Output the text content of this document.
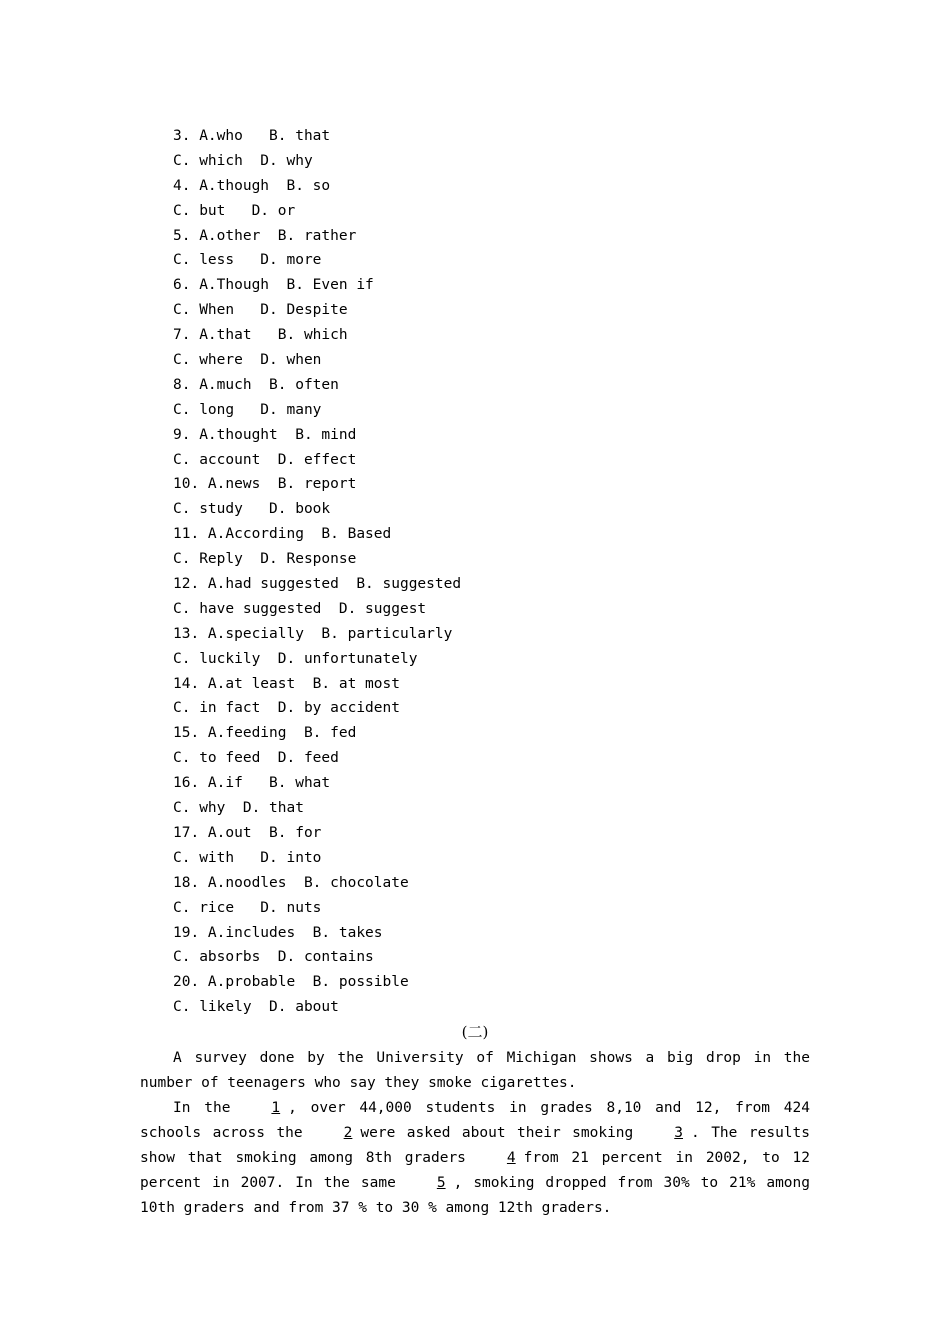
3. A.who   B. that
C. which  D. why
4. A.though  B. so
C. but   D. or
5. A.other  B. rather
C. less   D. more
6. A.Though  B. Even if
C. When   D. Despite
7. A.that   B. which
C. where  D. when
8. A.much  B. often
C. long   D. many
9. A.thought  B. mind
C. account  D. effect
10. A.news  B. report
C. study   D. book
11. A.According  B. Based
C. Reply  D. Response
12. A.had suggested  B. suggested
C. have suggested  D. suggest
13. A.specially  B. particularly
C. luckily  D. unfortunately
14. A.at least  B. at most
C. in fact  D. by accident
15. A.feeding  B. fed
C. to feed  D. feed
16. A.if   B. what
C. why  D. that
17. A.out  B. for
C. with   D. into
18. A.noodles  B. chocolate
C. rice   D. nuts
19. A.includes  B. takes
C. absorbs  D. contains
20. A.probable  B. possible
C. likely  D. about
(二)

A survey done by the University of Michigan shows a big drop in the number of teenagers who say they smoke cigarettes.

In the	1 , over 44,000 students in grades 8,10 and 12, from 424 schools across the	2 were asked about their smoking	3 . The results show that smoking among 8th graders	4 from 21 percent in 2002, to 12 percent in 2007. In the same	5 , smoking dropped from 30% to 21% among 10th graders and from 37 % to 30 % among 12th graders.
